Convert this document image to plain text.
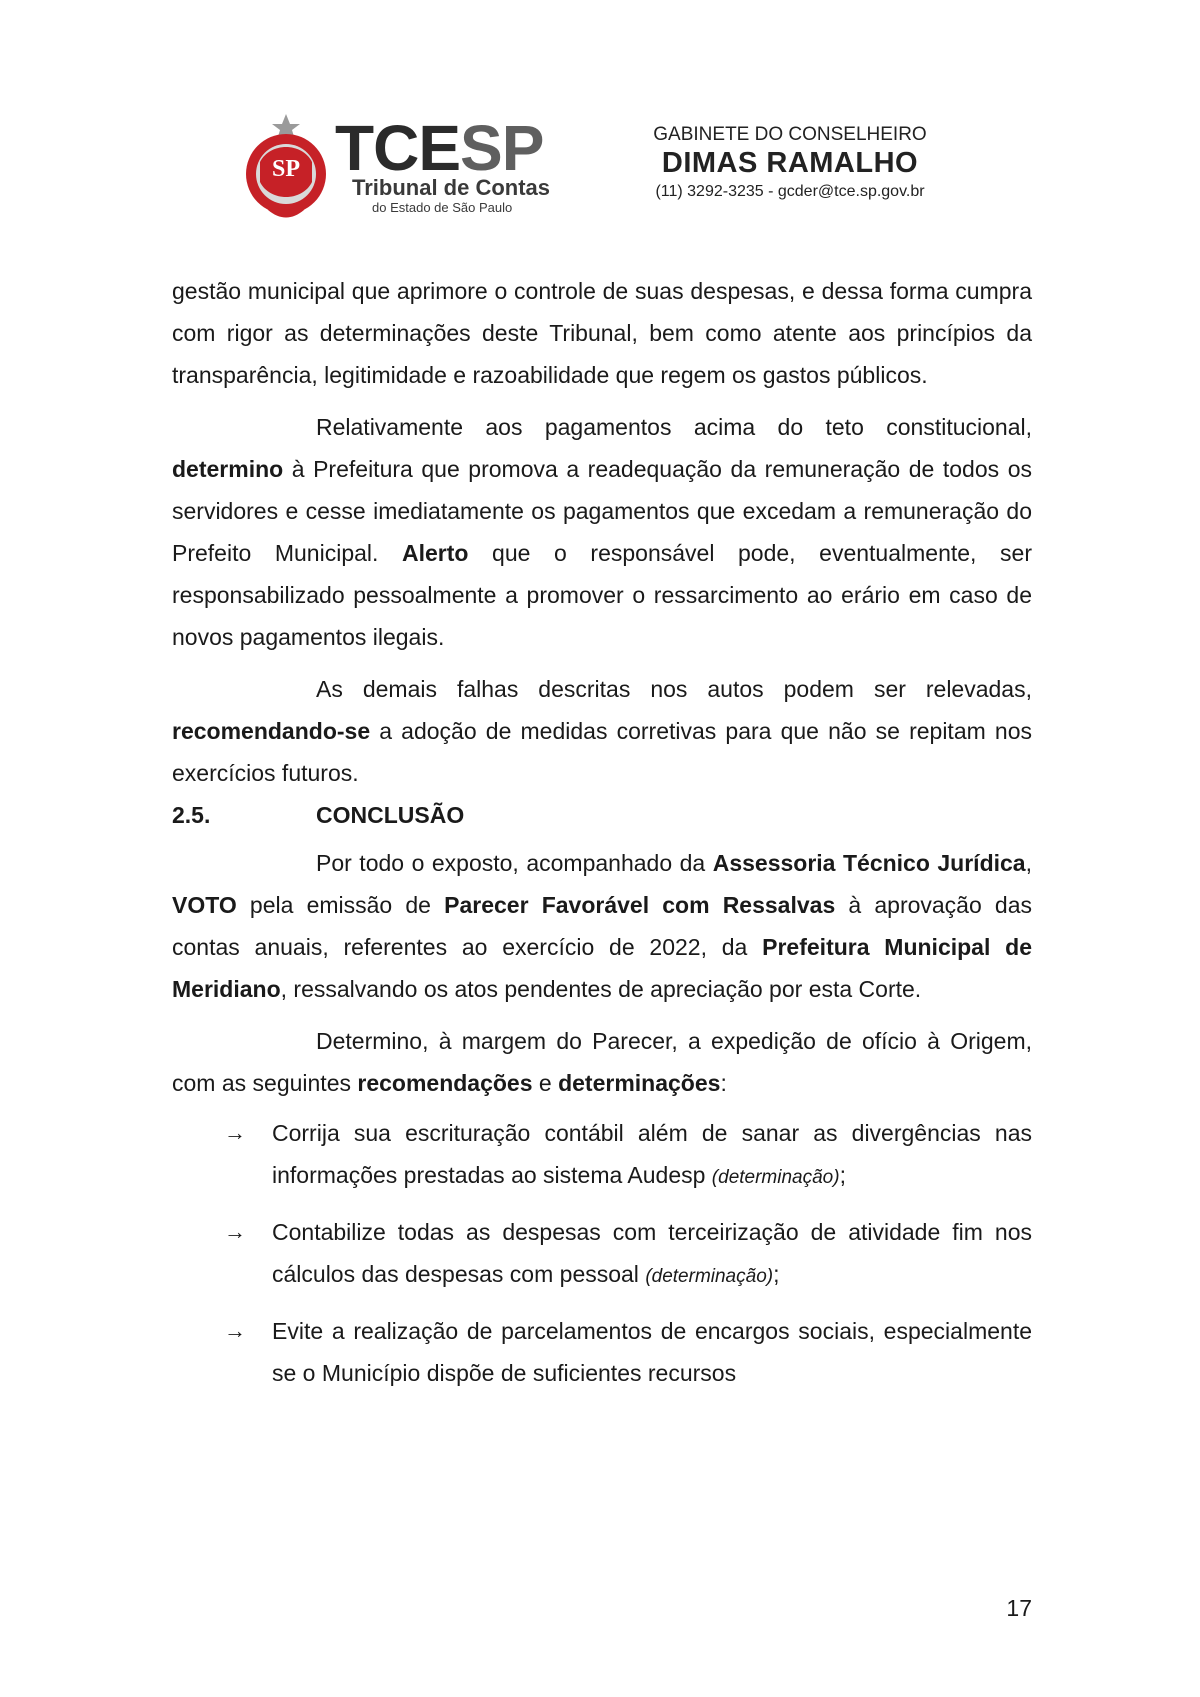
SP TCESP
Tribunal de Contas
do Estado de São Paulo
GABINETE DO CONSELHEIRO
DIMAS RAMALHO
(11) 3292-3235 - gcder@tce.sp.gov.br

gestão municipal que aprimore o controle de suas despesas, e dessa forma cumpra com rigor as determinações deste Tribunal, bem como atente aos princípios da transparência, legitimidade e razoabilidade que regem os gastos públicos.

Relativamente aos pagamentos acima do teto constitucional, determino à Prefeitura que promova a readequação da remuneração de todos os servidores e cesse imediatamente os pagamentos que excedam a remuneração do Prefeito Municipal. Alerto que o responsável pode, eventualmente, ser responsabilizado pessoalmente a promover o ressarcimento ao erário em caso de novos pagamentos ilegais.

As demais falhas descritas nos autos podem ser relevadas, recomendando-se a adoção de medidas corretivas para que não se repitam nos exercícios futuros.

2.5.	CONCLUSÃO

Por todo o exposto, acompanhado da Assessoria Técnico Jurídica, VOTO pela emissão de Parecer Favorável com Ressalvas à aprovação das contas anuais, referentes ao exercício de 2022, da Prefeitura Municipal de Meridiano, ressalvando os atos pendentes de apreciação por esta Corte.

Determino, à margem do Parecer, a expedição de ofício à Origem, com as seguintes recomendações e determinações:

→ Corrija sua escrituração contábil além de sanar as divergências nas informações prestadas ao sistema Audesp (determinação);
→ Contabilize todas as despesas com terceirização de atividade fim nos cálculos das despesas com pessoal (determinação);
→ Evite a realização de parcelamentos de encargos sociais, especialmente se o Município dispõe de suficientes recursos
17
